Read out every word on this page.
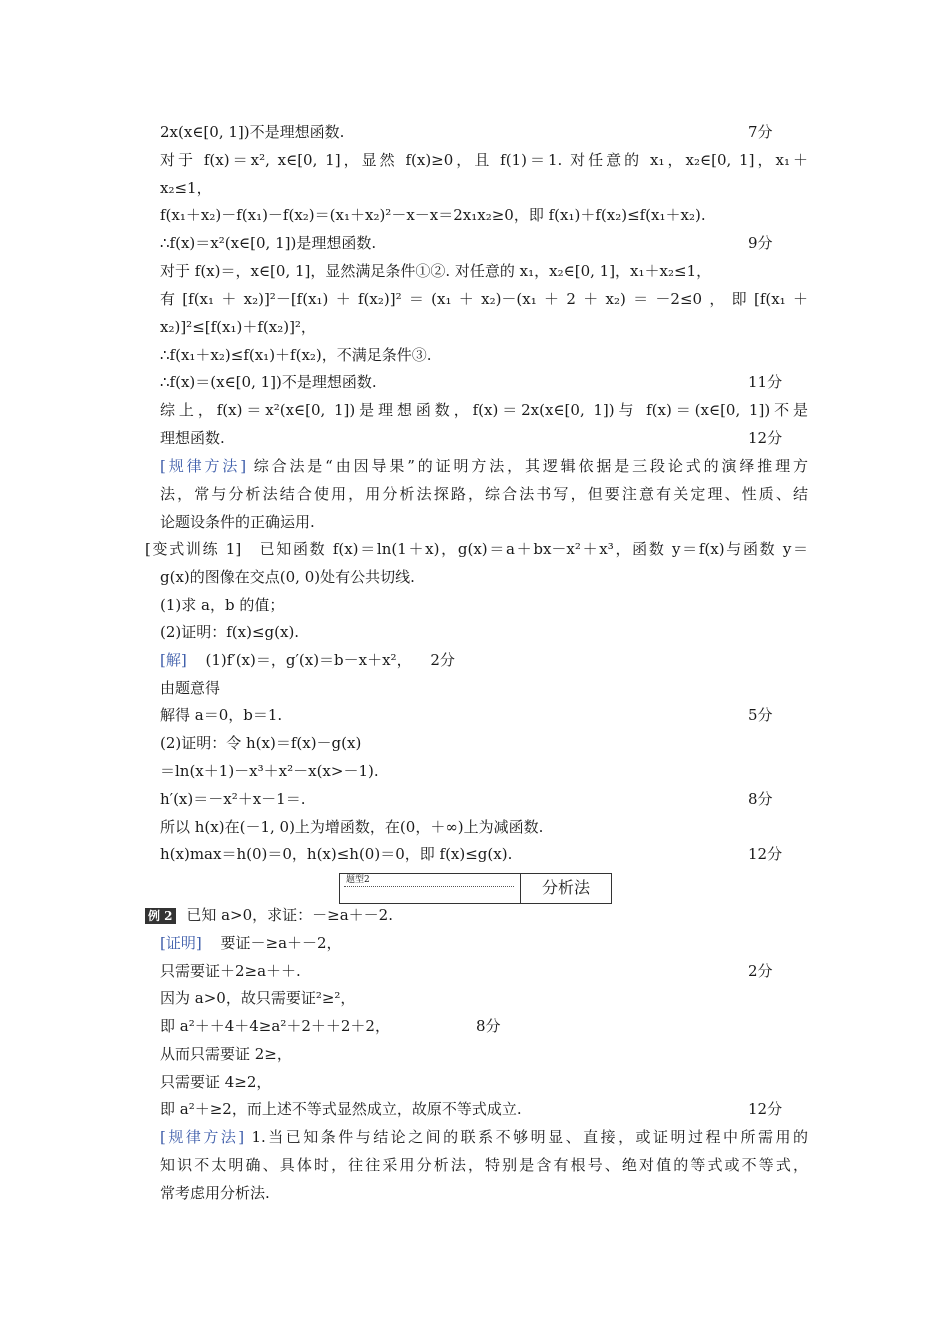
2x(x∈[0, 1])不是理想函数.	7分
对于 f(x)＝x², x∈[0, 1]，显然 f(x)≥0，且 f(1)＝1. 对任意的 x₁，x₂∈[0, 1]，x₁＋
x₂≤1，
f(x₁＋x₂)－f(x₁)－f(x₂)＝(x₁＋x₂)²－x－x＝2x₁x₂≥0，即 f(x₁)＋f(x₂)≤f(x₁＋x₂).
∴f(x)＝x²(x∈[0, 1])是理想函数.	9分
对于 f(x)＝，x∈[0, 1]，显然满足条件①②. 对任意的 x₁，x₂∈[0, 1]，x₁＋x₂≤1，
有[f(x₁＋x₂)]²－[f(x₁)＋f(x₂)]²＝(x₁＋x₂)－(x₁＋2＋x₂)＝－2≤0，即[f(x₁＋
x₂)]²≤[f(x₁)＋f(x₂)]²，
∴f(x₁＋x₂)≤f(x₁)＋f(x₂)，不满足条件③.
∴f(x)＝(x∈[0, 1])不是理想函数.	11分
综上，f(x)＝x²(x∈[0, 1])是理想函数，f(x)＝2x(x∈[0, 1])与 f(x)＝(x∈[0, 1])不是
理想函数.	12分
[规律方法] 综合法是“由因导果”的证明方法，其逻辑依据是三段论式的演绎推理方
法，常与分析法结合使用，用分析法探路，综合法书写，但要注意有关定理、性质、结
论题设条件的正确运用.
[变式训练 1]　已知函数 f(x)＝ln(1＋x)，g(x)＝a＋bx－x²＋x³，函数 y＝f(x)与函数 y＝
g(x)的图像在交点(0, 0)处有公共切线.
(1)求 a，b 的值；
(2)证明：f(x)≤g(x).
[解] (1)f′(x)＝，g′(x)＝b－x＋x²， 2分
由题意得
解得 a＝0，b＝1.	5分
(2)证明：令 h(x)＝f(x)－g(x)
＝ln(x＋1)－x³＋x²－x(x>－1).
h′(x)＝－x²＋x－1＝.	8分
所以 h(x)在(－1, 0)上为增函数，在(0，＋∞)上为减函数.
h(x)max＝h(0)＝0，h(x)≤h(0)＝0，即 f(x)≤g(x).	12分
题型2	分析法
例 2 已知 a>0，求证：－≥a＋－2.
[证明] 要证－≥a＋－2，
只需要证＋2≥a＋＋.	2分
因为 a>0，故只需要证²≥²，
即 a²＋＋4＋4≥a²＋2＋＋2＋2，	8分
从而只需要证 2≥，
只需要证 4≥2，
即 a²＋≥2，而上述不等式显然成立，故原不等式成立.	12分
[规律方法] 1.当已知条件与结论之间的联系不够明显、直接，或证明过程中所需用的
知识不太明确、具体时，往往采用分析法，特别是含有根号、绝对值的等式或不等式，
常考虑用分析法.
